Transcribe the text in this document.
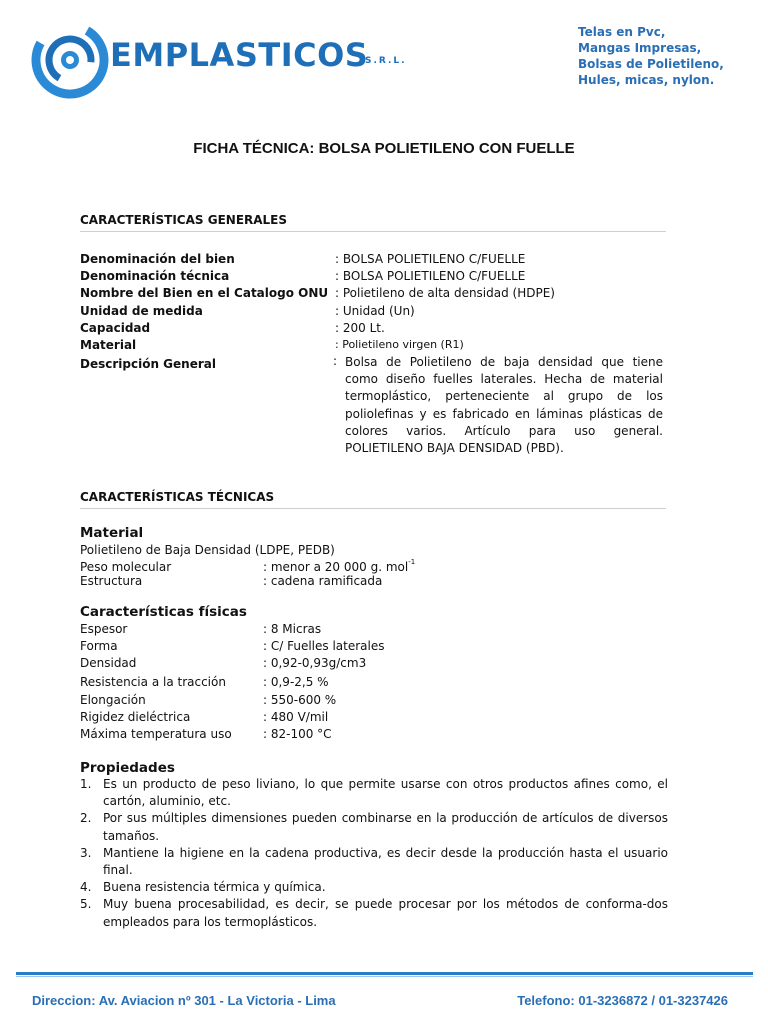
EMPLASTICOS
S.R.L.
Telas en Pvc,
Mangas Impresas,
Bolsas de Polietileno,
Hules, micas, nylon.
FICHA TÉCNICA: BOLSA POLIETILENO CON FUELLE
CARACTERÍSTICAS GENERALES
Denominación del bien	: BOLSA POLIETILENO C/FUELLE
Denominación técnica	: BOLSA POLIETILENO C/FUELLE
Nombre del Bien en el Catalogo ONU : Polietileno de alta densidad (HDPE)
Unidad de medida	: Unidad (Un)
Capacidad	: 200 Lt.
Material	: Polietileno virgen (R1)
Descripción General	: Bolsa de Polietileno de baja densidad que tiene como diseño fuelles laterales. Hecha de material termoplástico, perteneciente al grupo de los poliolefinas y es fabricado en láminas plásticas de colores varios. Artículo para uso general. POLIETILENO BAJA DENSIDAD (PBD).
CARACTERÍSTICAS TÉCNICAS
Material
Polietileno de Baja Densidad (LDPE, PEDB)
Peso molecular	: menor a 20 000 g. mol$^{-1}$
Estructura	: cadena ramificada
Características físicas
Espesor	: 8 Micras
Forma	: C/ Fuelles laterales
Densidad	: 0,92-0,93g/cm3
Resistencia a la tracción	: 0,9-2,5 %
Elongación	: 550-600 %
Rigidez dieléctrica	: 480 V/mil
Máxima temperatura uso	: 82-100 °C
Propiedades
1. Es un producto de peso liviano, lo que permite usarse con otros productos afines como, el cartón, aluminio, etc.
2. Por sus múltiples dimensiones pueden combinarse en la producción de artículos de diversos tamaños.
3. Mantiene la higiene en la cadena productiva, es decir desde la producción hasta el usuario final.
4. Buena resistencia térmica y química.
5. Muy buena procesabilidad, es decir, se puede procesar por los métodos de conforma-dos empleados para los termoplásticos.
Direccion: Av. Aviacion nº 301 - La Victoria - Lima	Telefono: 01-3236872 / 01-3237426
